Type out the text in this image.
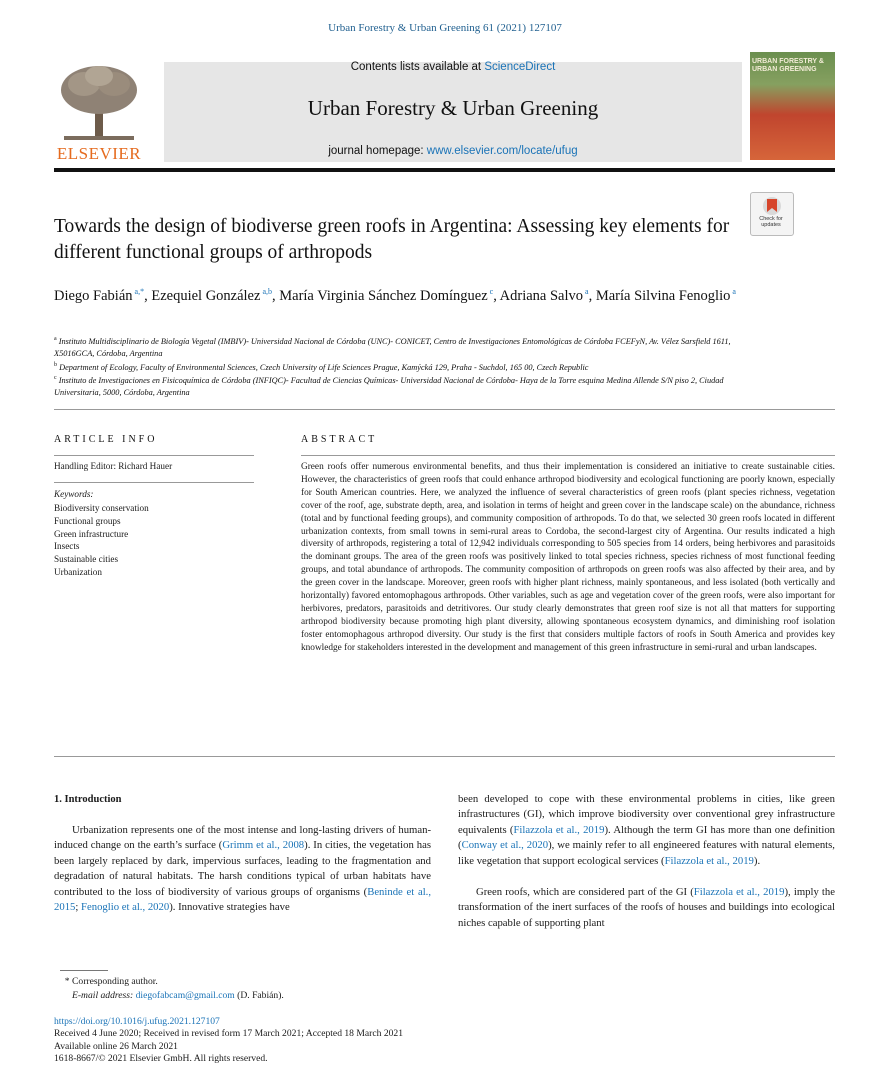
Urban Forestry & Urban Greening 61 (2021) 127107
ELSEVIER
Contents lists available at ScienceDirect
Urban Forestry & Urban Greening
journal homepage: www.elsevier.com/locate/ufug
URBAN FORESTRY & URBAN GREENING
Check for updates
Towards the design of biodiverse green roofs in Argentina: Assessing key elements for different functional groups of arthropods
Diego Fabián $^{a,*}$, Ezequiel González $^{a,b}$, María Virginia Sánchez Domínguez $^c$, Adriana Salvo $^a$, María Silvina Fenoglio $^a$
$^a$ Instituto Multidisciplinario de Biología Vegetal (IMBIV)- Universidad Nacional de Córdoba (UNC)- CONICET, Centro de Investigaciones Entomológicas de Córdoba FCEFyN, Av. Vélez Sarsfield 1611, X5016GCA, Córdoba, Argentina
$^b$ Department of Ecology, Faculty of Environmental Sciences, Czech University of Life Sciences Prague, Kamýcká 129, Praha - Suchdol, 165 00, Czech Republic
$^c$ Instituto de Investigaciones en Fisicoquímica de Córdoba (INFIQC)- Facultad de Ciencias Químicas- Universidad Nacional de Córdoba- Haya de la Torre esquina Medina Allende S/N piso 2, Ciudad Universitaria, 5000, Córdoba, Argentina
ARTICLE INFO	ABSTRACT
Handling Editor: Richard Hauer
Keywords:
Biodiversity conservation
Functional groups
Green infrastructure
Insects
Sustainable cities
Urbanization
Green roofs offer numerous environmental benefits, and thus their implementation is considered an initiative to create sustainable cities. However, the characteristics of green roofs that could enhance arthropod biodiversity and ecological functioning are poorly known, especially for South American countries. Here, we analyzed the influence of several characteristics of green roofs (plant species richness, vegetation cover of the roof, age, substrate depth, area, and isolation in terms of height and green cover in the landscape scale) on the abundance, richness (total and by functional feeding groups), and community composition of arthropods. To do that, we selected 30 green roofs located in different urbanization contexts, from small towns in semi-rural areas to Cordoba, the second-largest city of Argentina. Our results indicated a high diversity of arthropods, registering a total of 12,942 individuals corresponding to 505 species from 14 orders, being herbivores and parasitoids the dominant groups. The area of the green roofs was positively linked to total species richness, species richness of most functional feeding groups, and total abundance of arthropods. The community composition of arthropods on green roofs was also affected by their area, and by the green cover in the landscape. Moreover, green roofs with higher plant richness, mainly spontaneous, and less isolated (both vertically and horizontally) favored entomophagous arthropods. Other variables, such as age and vegetation cover of the green roofs, were also important for herbivores, predators, parasitoids and detritivores. Our study clearly demonstrates that green roof size is not all that matters for supporting arthropod biodiversity because promoting high plant diversity, allowing spontaneous ecosystem dynamics, and diminishing roof isolation foster entomophagous arthropod diversity. Our study is the first that considers multiple factors of roofs in South America and provides key knowledge for stakeholders interested in the development and management of this green infrastructure in semi-rural and urban landscapes.
1. Introduction
Urbanization represents one of the most intense and long-lasting drivers of human-induced change on the earth’s surface (Grimm et al., 2008). In cities, the vegetation has been largely replaced by dark, impervious surfaces, leading to the fragmentation and degradation of natural habitats. The harsh conditions typical of urban habitats have contributed to the loss of biodiversity of various groups of organisms (Beninde et al., 2015; Fenoglio et al., 2020). Innovative strategies have
been developed to cope with these environmental problems in cities, like green infrastructures (GI), which improve biodiversity over conventional grey infrastructure equivalents (Filazzola et al., 2019). Although the term GI has more than one definition (Conway et al., 2020), we mainly refer to all engineered features with natural elements, like vegetation that support ecological services (Filazzola et al., 2019).
Green roofs, which are considered part of the GI (Filazzola et al., 2019), imply the transformation of the inert surfaces of the roofs of houses and buildings into ecological niches capable of supporting plant
* Corresponding author.
E-mail address: diegofabcam@gmail.com (D. Fabián).
https://doi.org/10.1016/j.ufug.2021.127107
Received 4 June 2020; Received in revised form 17 March 2021; Accepted 18 March 2021
Available online 26 March 2021
1618-8667/© 2021 Elsevier GmbH. All rights reserved.
